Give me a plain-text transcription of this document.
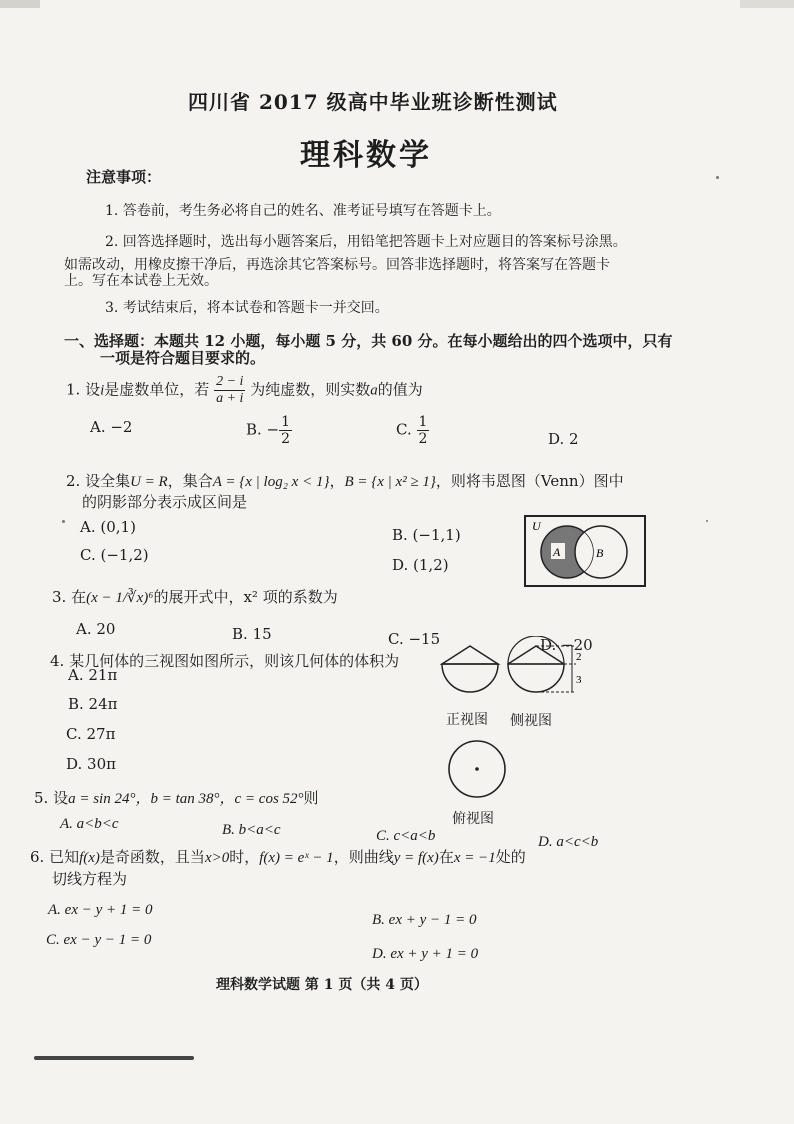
四川省 2017 级高中毕业班诊断性测试
理科数学
注意事项：
1. 答卷前，考生务必将自己的姓名、准考证号填写在答题卡上。
2. 回答选择题时，选出每小题答案后，用铅笔把答题卡上对应题目的答案标号涂黑。
如需改动，用橡皮擦干净后，再选涂其它答案标号。回答非选择题时，将答案写在答题卡
上。写在本试卷上无效。
3. 考试结束后，将本试卷和答题卡一并交回。
一、选择题：本题共 12 小题，每小题 5 分，共 60 分。在每小题给出的四个选项中，只有
一项是符合题目要求的。
1. 设i是虚数单位，若 $\frac{2 - i}{a + i}$ 为纯虚数，则实数a的值为
A. −2	B. − $\frac{1}{2}$	C. $\frac{1}{2}$	D. 2
2. 设全集U = R，集合A = {x | log₂ x < 1}，B = {x | x² ≥ 1}，则将韦恩图（Venn）图中
的阴影部分表示成区间是
A. (0,1)	B. (−1,1)
C. (−1,2)
D. (1,2)
U
A	B
3. 在(x − 1/∛x)⁶的展开式中，x² 项的系数为
A. 20	B. 15	C. −15	D. −20
4. 某几何体的三视图如图所示，则该几何体的体积为
A. 21π
B. 24π
C. 27π
D. 30π
2
3
正视图 侧视图
俯视图
5. 设a = sin 24°，b = tan 38°，c = cos 52°则
A. a<b<c	B. b<a<c	C. c<a<b	D. a<c<b
6. 已知f(x)是奇函数，且当x>0时，f(x) = eˣ − 1，则曲线y = f(x)在x = −1处的
切线方程为
A. ex − y + 1 = 0
B. ex + y − 1 = 0
C. ex − y − 1 = 0
D. ex + y + 1 = 0
理科数学试题 第 1 页（共 4 页）
